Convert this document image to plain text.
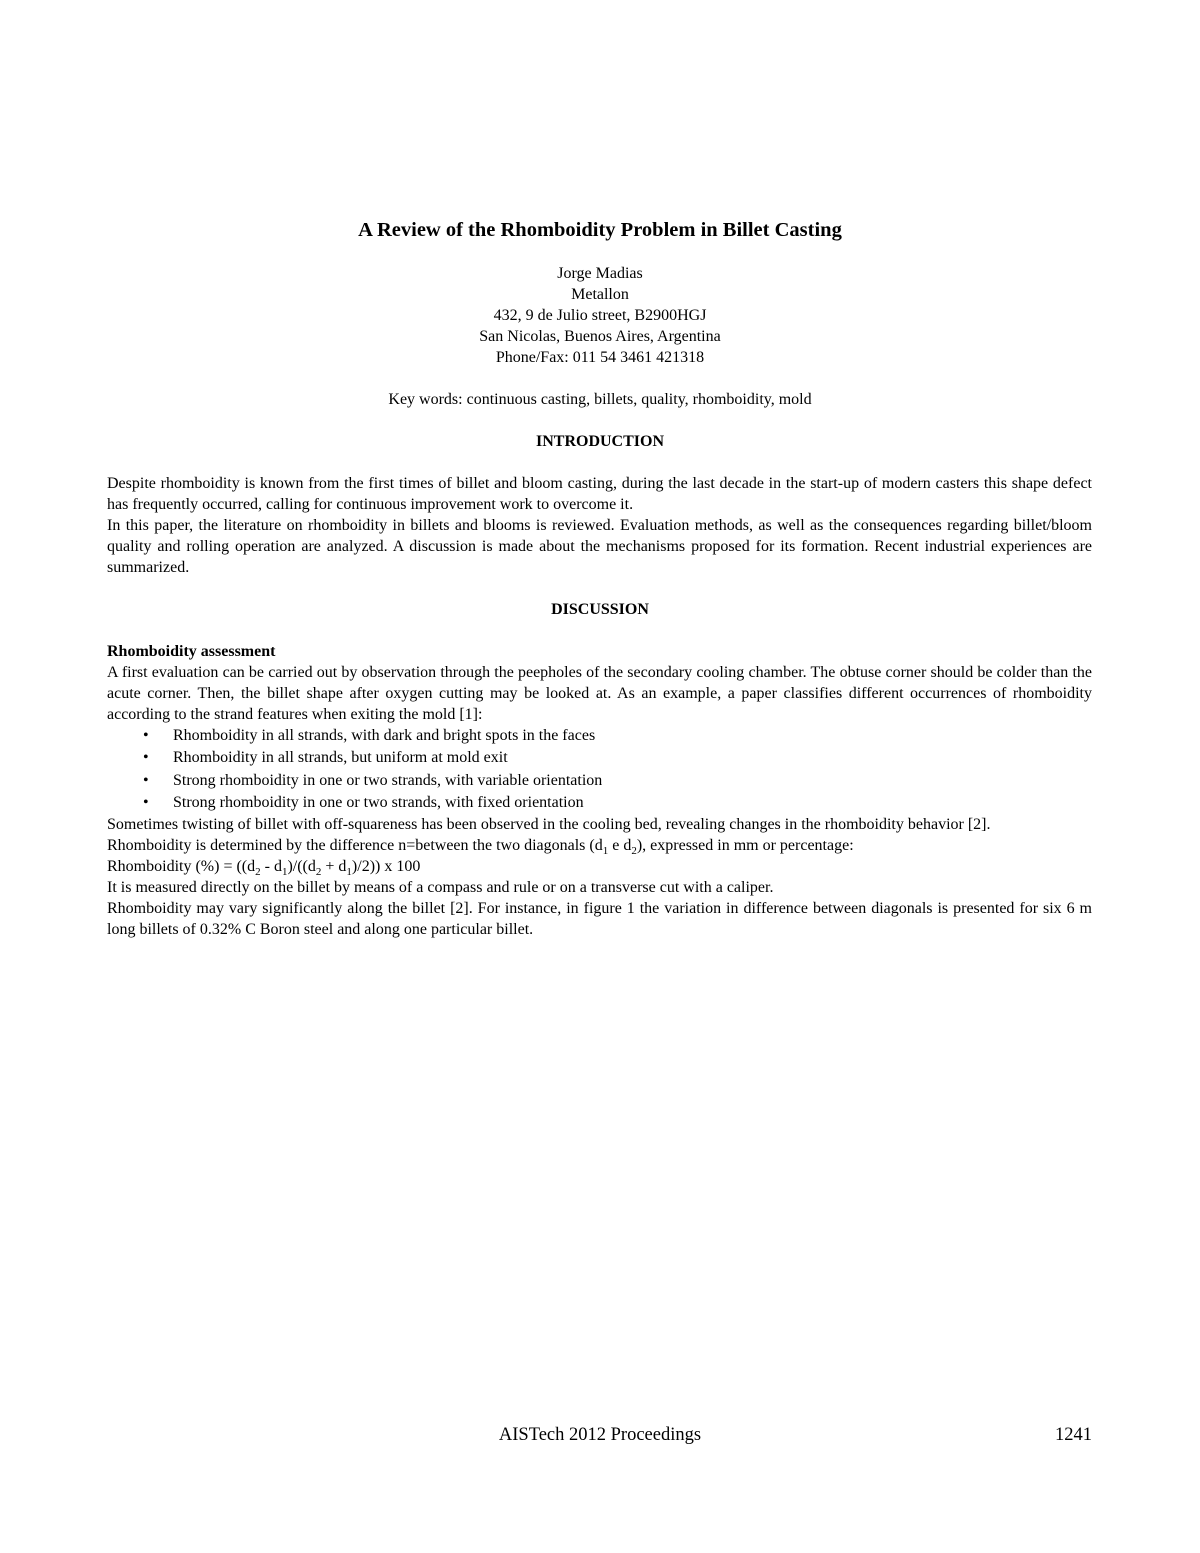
A Review of the Rhomboidity Problem in Billet Casting
Jorge Madias
Metallon
432, 9 de Julio street, B2900HGJ
San Nicolas, Buenos Aires, Argentina
Phone/Fax: 011 54 3461 421318
Key words: continuous casting, billets, quality, rhomboidity, mold
INTRODUCTION

Despite rhomboidity is known from the first times of billet and bloom casting, during the last decade in the start-up of modern casters this shape defect has frequently occurred, calling for continuous improvement work to overcome it.

In this paper, the literature on rhomboidity in billets and blooms is reviewed. Evaluation methods, as well as the consequences regarding billet/bloom quality and rolling operation are analyzed. A discussion is made about the mechanisms proposed for its formation. Recent industrial experiences are summarized.

DISCUSSION

Rhomboidity assessment

A first evaluation can be carried out by observation through the peepholes of the secondary cooling chamber. The obtuse corner should be colder than the acute corner. Then, the billet shape after oxygen cutting may be looked at. As an example, a paper classifies different occurrences of rhomboidity according to the strand features when exiting the mold [1]:

• Rhomboidity in all strands, with dark and bright spots in the faces
• Rhomboidity in all strands, but uniform at mold exit
• Strong rhomboidity in one or two strands, with variable orientation
• Strong rhomboidity in one or two strands, with fixed orientation

Sometimes twisting of billet with off-squareness has been observed in the cooling bed, revealing changes in the rhomboidity behavior [2].

Rhomboidity is determined by the difference n=between the two diagonals ($d_1$ e $d_2$), expressed in mm or percentage:

Rhomboidity (%) = $((d_2 - d_1)/((d_2 + d_1)/2))$ x 100

It is measured directly on the billet by means of a compass and rule or on a transverse cut with a caliper.

Rhomboidity may vary significantly along the billet [2]. For instance, in figure 1 the variation in difference between diagonals is presented for six 6 m long billets of 0.32% C Boron steel and along one particular billet.

AISTech 2012 Proceedings	1241
